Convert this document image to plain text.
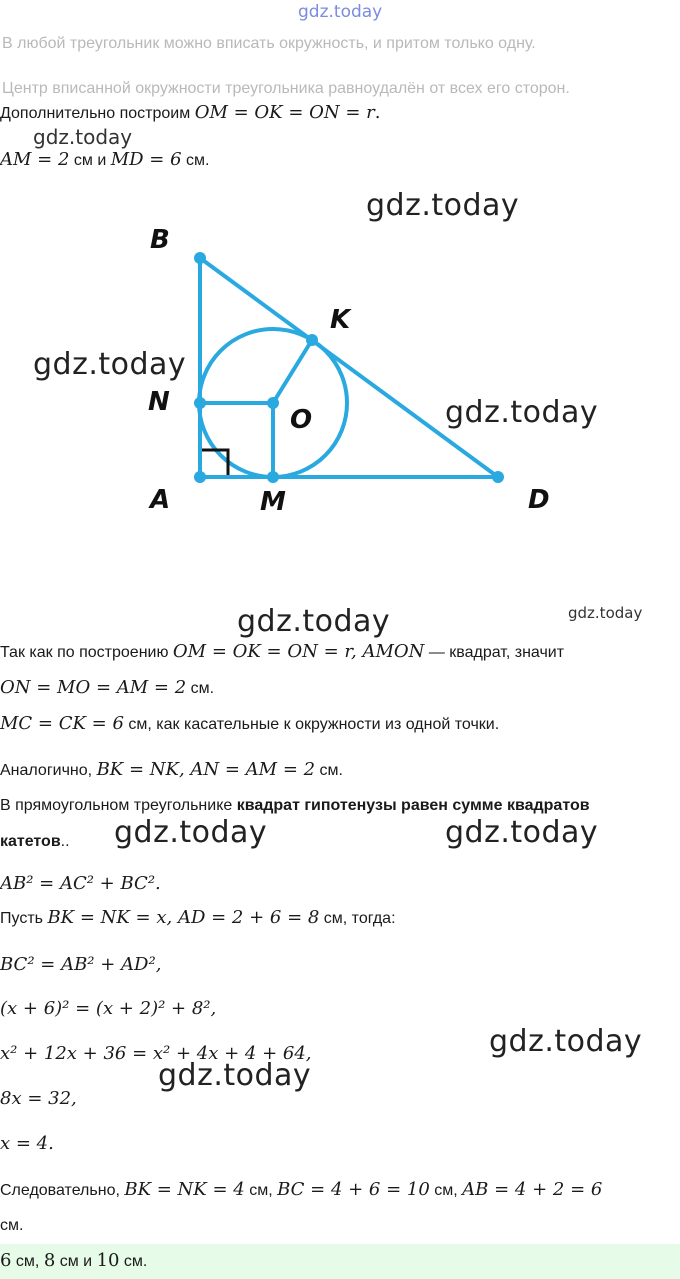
gdz.today
В любой треугольник можно вписать окружность, и притом только одну.
Центр вписанной окружности треугольника равноудалён от всех его сторон.
Дополнительно построим OM = OK = ON = r.
gdz.today
AM = 2 см и MD = 6 см.
gdz.today
B
K
N
O
A	M	D
gdz.today
gdz.today
gdz.today	gdz.today
Так как по построению OM = OK = ON = r, AMON — квадрат, значит
ON = MO = AM = 2 см.
MC = CK = 6 см, как касательные к окружности из одной точки.
Аналогично, BK = NK, AN = AM = 2 см.
В прямоугольном треугольнике квадрат гипотенузы равен сумме квадратов
катетов.. gdz.today	gdz.today
AB² = AC² + BC².
Пусть BK = NK = x, AD = 2 + 6 = 8 см, тогда:
BC² = AB² + AD²,
(x + 6)² = (x + 2)² + 8²,
x² + 12x + 36 = x² + 4x + 4 + 64,	gdz.today
gdz.today
8x = 32,
x = 4.
Следовательно, BK = NK = 4 см, BC = 4 + 6 = 10 см, AB = 4 + 2 = 6
см.
6 см, 8 см и 10 см.
